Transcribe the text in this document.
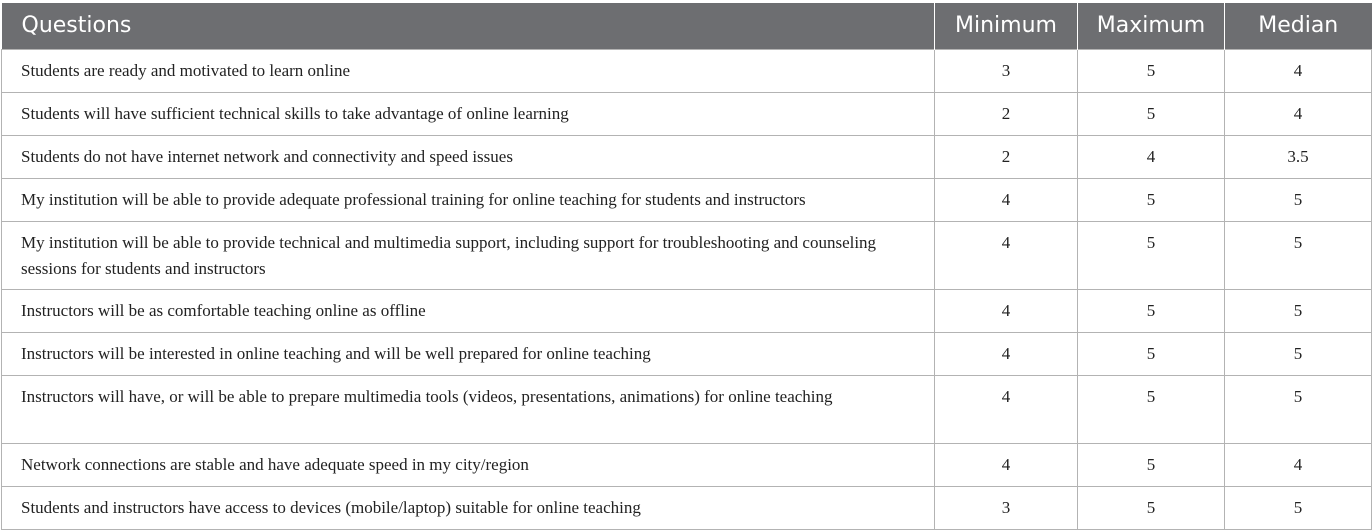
Questions	Minimum	Maximum	Median
Students are ready and motivated to learn online	3	5	4
Students will have sufficient technical skills to take advantage of online learning	2	5	4
Students do not have internet network and connectivity and speed issues	2	4	3.5
My institution will be able to provide adequate professional training for online teaching for students and instructors	4	5	5
My institution will be able to provide technical and multimedia support, including support for troubleshooting and counseling sessions for students and instructors	4	5	5
Instructors will be as comfortable teaching online as offline	4	5	5
Instructors will be interested in online teaching and will be well prepared for online teaching	4	5	5
Instructors will have, or will be able to prepare multimedia tools (videos, presentations, animations) for online teaching	4	5	5
Network connections are stable and have adequate speed in my city/region	4	5	4
Students and instructors have access to devices (mobile/laptop) suitable for online teaching	3	5	5
